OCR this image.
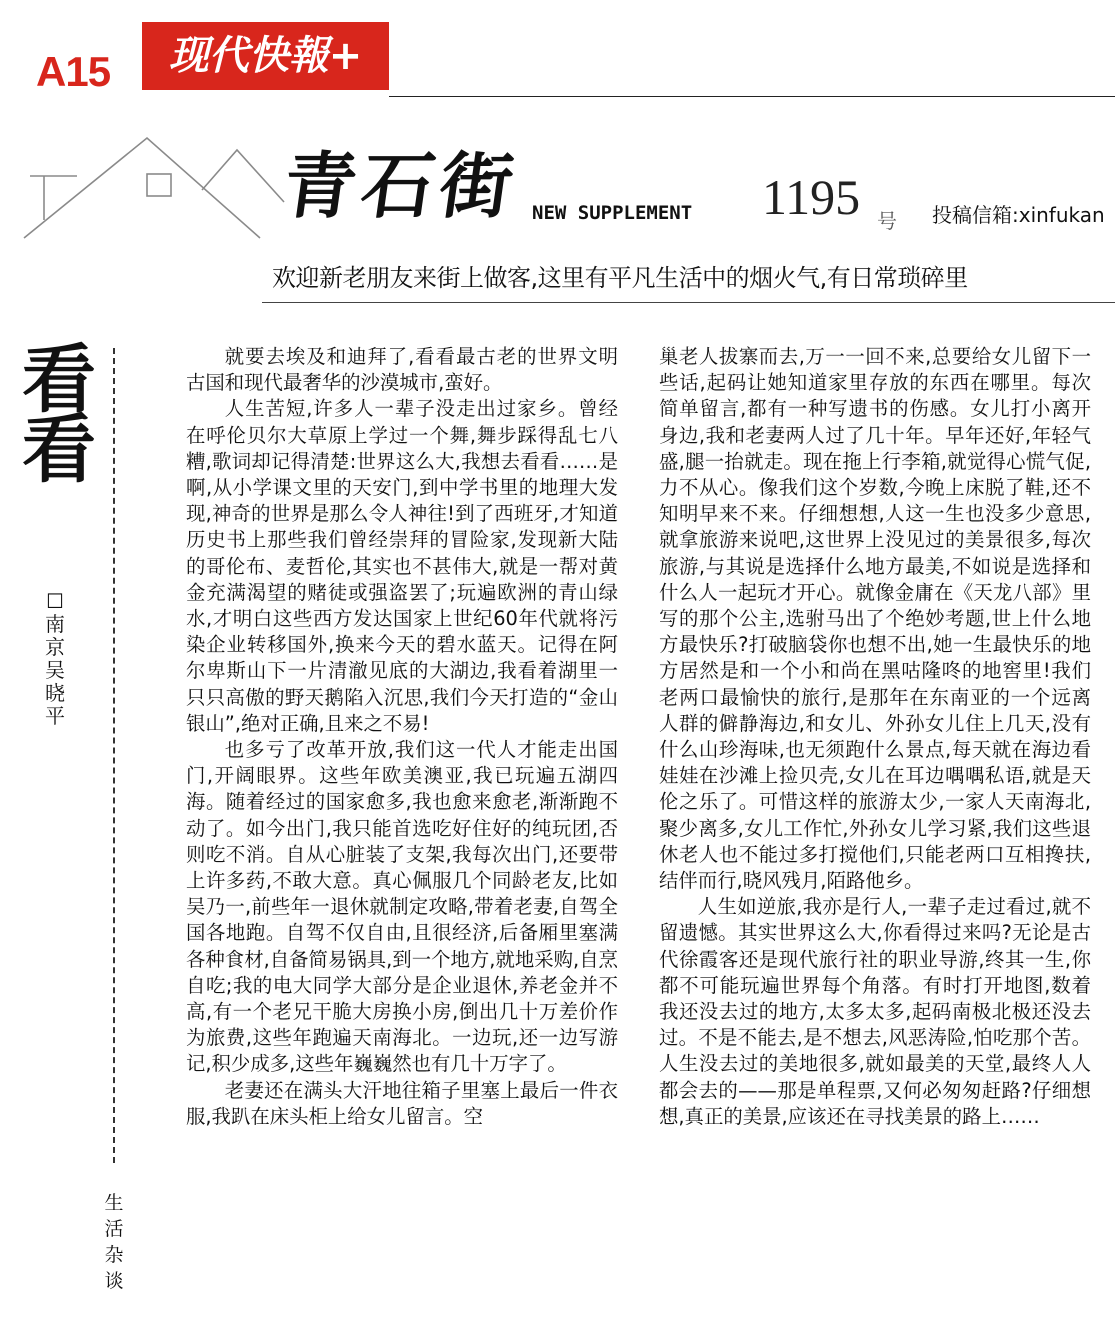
A15	现代快報+
青石街 NEW SUPPLEMENT 1195 号 投稿信箱:xinfukan
欢迎新老朋友来街上做客,这里有平凡生活中的烟火气,有日常琐碎里
看
看
☐南京 吴晓平
生活杂谈

就要去埃及和迪拜了,看看最古老的世界文明古国和现代最奢华的沙漠城市,蛮好。

人生苦短,许多人一辈子没走出过家乡。曾经在呼伦贝尔大草原上学过一个舞,舞步踩得乱七八糟,歌词却记得清楚:世界这么大,我想去看看……是啊,从小学课文里的天安门,到中学书里的地理大发现,神奇的世界是那么令人神往!到了西班牙,才知道历史书上那些我们曾经崇拜的冒险家,发现新大陆的哥伦布、麦哲伦,其实也不甚伟大,就是一帮对黄金充满渴望的赌徒或强盗罢了;玩遍欧洲的青山绿水,才明白这些西方发达国家上世纪60年代就将污染企业转移国外,换来今天的碧水蓝天。记得在阿尔卑斯山下一片清澈见底的大湖边,我看着湖里一只只高傲的野天鹅陷入沉思,我们今天打造的“金山银山”,绝对正确,且来之不易!

也多亏了改革开放,我们这一代人才能走出国门,开阔眼界。这些年欧美澳亚,我已玩遍五湖四海。随着经过的国家愈多,我也愈来愈老,渐渐跑不动了。如今出门,我只能首选吃好住好的纯玩团,否则吃不消。自从心脏装了支架,我每次出门,还要带上许多药,不敢大意。真心佩服几个同龄老友,比如吴乃一,前些年一退休就制定攻略,带着老妻,自驾全国各地跑。自驾不仅自由,且很经济,后备厢里塞满各种食材,自备简易锅具,到一个地方,就地采购,自烹自吃;我的电大同学大部分是企业退休,养老金并不高,有一个老兄干脆大房换小房,倒出几十万差价作为旅费,这些年跑遍天南海北。一边玩,还一边写游记,积少成多,这些年巍巍然也有几十万字了。

老妻还在满头大汗地往箱子里塞上最后一件衣服,我趴在床头柜上给女儿留言。空

巢老人拔寨而去,万一一回不来,总要给女儿留下一些话,起码让她知道家里存放的东西在哪里。每次简单留言,都有一种写遗书的伤感。女儿打小离开身边,我和老妻两人过了几十年。早年还好,年轻气盛,腿一抬就走。现在拖上行李箱,就觉得心慌气促,力不从心。像我们这个岁数,今晚上床脱了鞋,还不知明早来不来。仔细想想,人这一生也没多少意思,就拿旅游来说吧,这世界上没见过的美景很多,每次旅游,与其说是选择什么地方最美,不如说是选择和什么人一起玩才开心。就像金庸在《天龙八部》里写的那个公主,选驸马出了个绝妙考题,世上什么地方最快乐?打破脑袋你也想不出,她一生最快乐的地方居然是和一个小和尚在黑咕隆咚的地窖里!我们老两口最愉快的旅行,是那年在东南亚的一个远离人群的僻静海边,和女儿、外孙女儿住上几天,没有什么山珍海味,也无须跑什么景点,每天就在海边看娃娃在沙滩上捡贝壳,女儿在耳边喁喁私语,就是天伦之乐了。可惜这样的旅游太少,一家人天南海北,聚少离多,女儿工作忙,外孙女儿学习紧,我们这些退休老人也不能过多打搅他们,只能老两口互相搀扶,结伴而行,晓风残月,陌路他乡。

人生如逆旅,我亦是行人,一辈子走过看过,就不留遗憾。其实世界这么大,你看得过来吗?无论是古代徐霞客还是现代旅行社的职业导游,终其一生,你都不可能玩遍世界每个角落。有时打开地图,数着我还没去过的地方,太多太多,起码南极北极还没去过。不是不能去,是不想去,风恶涛险,怕吃那个苦。人生没去过的美地很多,就如最美的天堂,最终人人都会去的——那是单程票,又何必匆匆赶路?仔细想想,真正的美景,应该还在寻找美景的路上……
